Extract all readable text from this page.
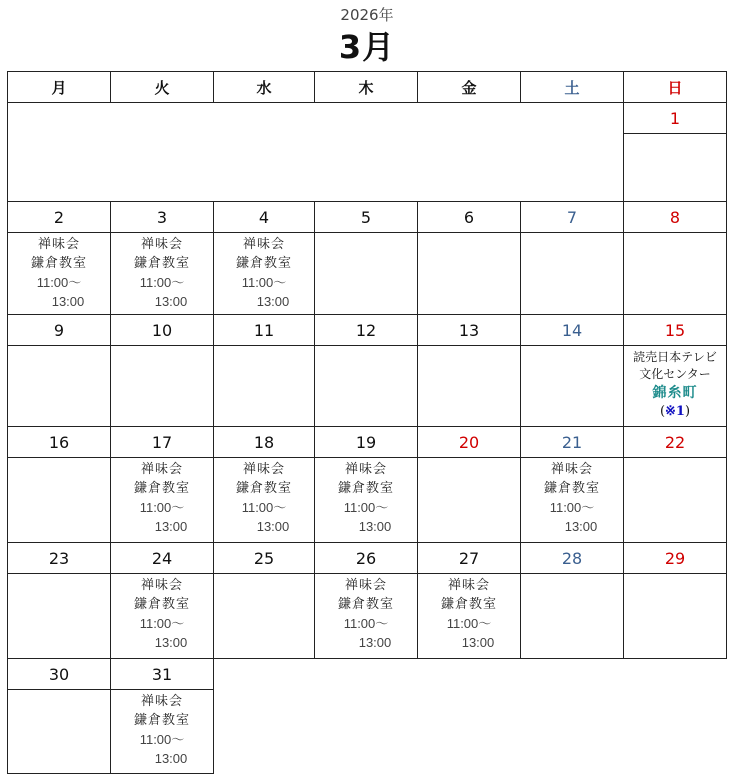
2026年
3月
月	火	水	木	金	土	日
						1

2	3	4	5	6	7	8

禅味会
鎌倉教室
11:00～
13:00	禅味会
鎌倉教室
11:00～
13:00	禅味会
鎌倉教室
11:00～
13:00				

9	10	11	12	13	14	15

						読売日本テレビ
文化センター
錦糸町
(※1)

16	17	18	19	20	21	22

	禅味会
鎌倉教室
11:00～
13:00	禅味会
鎌倉教室
11:00～
13:00	禅味会
鎌倉教室
11:00～
13:00		禅味会
鎌倉教室
11:00～
13:00	

23	24	25	26	27	28	29

	禅味会
鎌倉教室
11:00～
13:00		禅味会
鎌倉教室
11:00～
13:00	禅味会
鎌倉教室
11:00～
13:00		

30	31					

	禅味会
鎌倉教室
11:00～
13:00					
